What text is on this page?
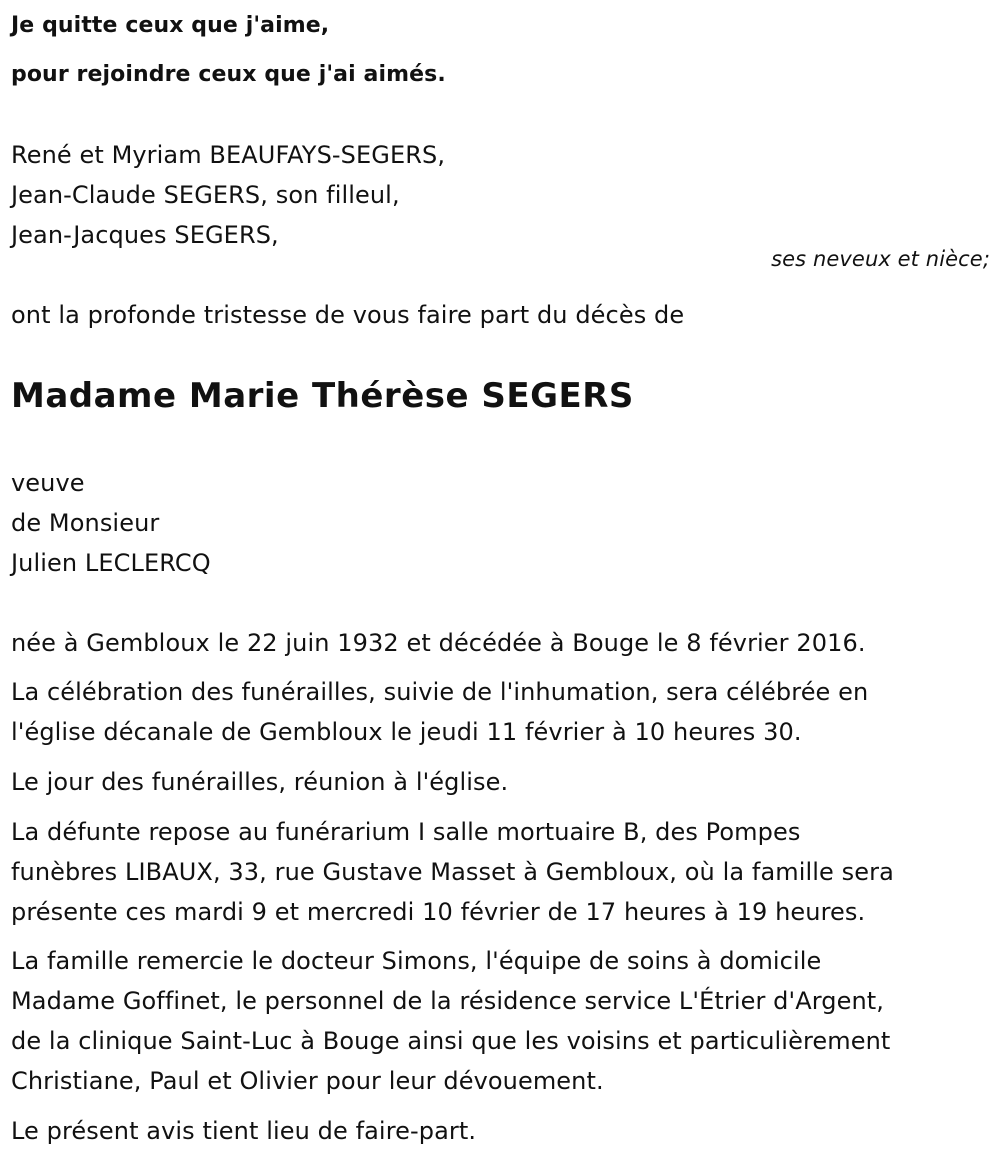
Je quitte ceux que j'aime,
pour rejoindre ceux que j'ai aimés.
René et Myriam BEAUFAYS-SEGERS,
Jean-Claude SEGERS, son filleul,
Jean-Jacques SEGERS,
ses neveux et nièce;
ont la profonde tristesse de vous faire part du décès de
Madame Marie Thérèse SEGERS
veuve
de Monsieur
Julien LECLERCQ
née à Gembloux le 22 juin 1932 et décédée à Bouge le 8 février 2016.
La célébration des funérailles, suivie de l'inhumation, sera célébrée en
l'église décanale de Gembloux le jeudi 11 février à 10 heures 30.
Le jour des funérailles, réunion à l'église.
La défunte repose au funérarium I salle mortuaire B, des Pompes
funèbres LIBAUX, 33, rue Gustave Masset à Gembloux, où la famille sera
présente ces mardi 9 et mercredi 10 février de 17 heures à 19 heures.
La famille remercie le docteur Simons, l'équipe de soins à domicile
Madame Goffinet, le personnel de la résidence service L'Étrier d'Argent,
de la clinique Saint-Luc à Bouge ainsi que les voisins et particulièrement
Christiane, Paul et Olivier pour leur dévouement.
Le présent avis tient lieu de faire-part.
